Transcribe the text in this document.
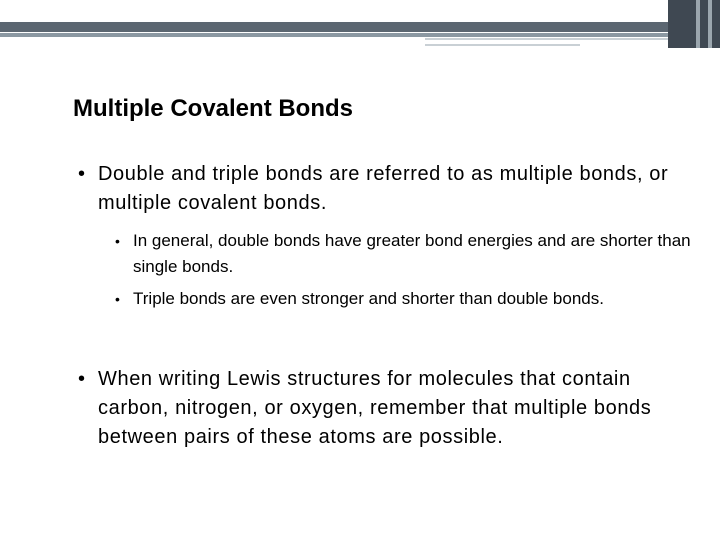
Multiple Covalent Bonds
• Double and triple bonds are referred to as multiple bonds, or multiple covalent bonds.
• In general, double bonds have greater bond energies and are shorter than single bonds.
• Triple bonds are even stronger and shorter than double bonds.
• When writing Lewis structures for molecules that contain carbon, nitrogen, or oxygen, remember that multiple bonds between pairs of these atoms are possible.
